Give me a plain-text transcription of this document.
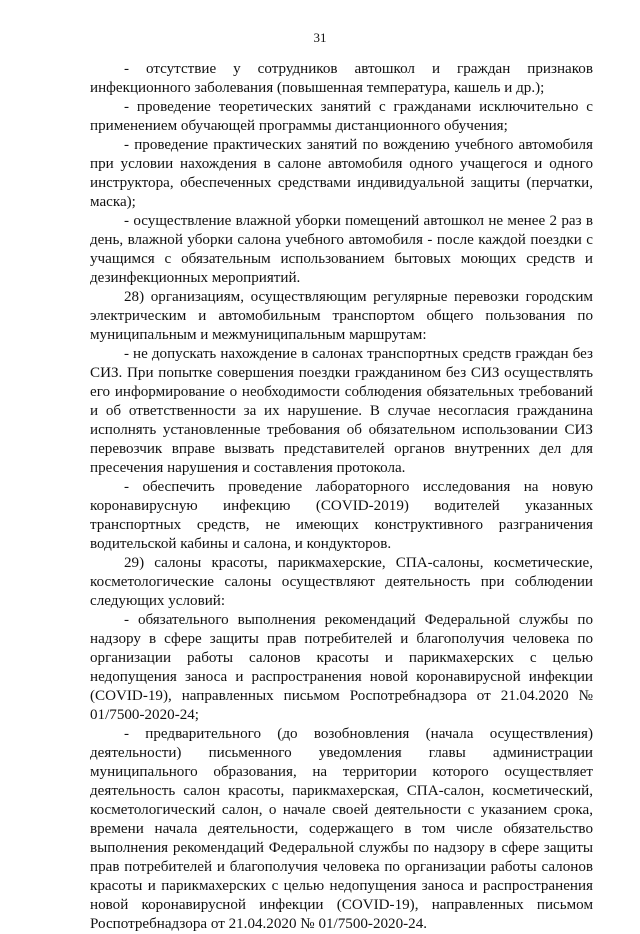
31

- отсутствие у сотрудников автошкол и граждан признаков инфекционного заболевания (повышенная температура, кашель и др.);

- проведение теоретических занятий с гражданами исключительно с применением обучающей программы дистанционного обучения;

- проведение практических занятий по вождению учебного автомобиля при условии нахождения в салоне автомобиля одного учащегося и одного инструктора, обеспеченных средствами индивидуальной защиты (перчатки, маска);

- осуществление влажной уборки помещений автошкол не менее 2 раз в день, влажной уборки салона учебного автомобиля - после каждой поездки с учащимся с обязательным использованием бытовых моющих средств и дезинфекционных мероприятий.

28) организациям, осуществляющим регулярные перевозки городским электрическим и автомобильным транспортом общего пользования по муниципальным и межмуниципальным маршрутам:

- не допускать нахождение в салонах транспортных средств граждан без СИЗ. При попытке совершения поездки гражданином без СИЗ осуществлять его информирование о необходимости соблюдения обязательных требований и об ответственности за их нарушение. В случае несогласия гражданина исполнять установленные требования об обязательном использовании СИЗ перевозчик вправе вызвать представителей органов внутренних дел для пресечения нарушения и составления протокола.

- обеспечить проведение лабораторного исследования на новую коронавирусную инфекцию (COVID-2019) водителей указанных транспортных средств, не имеющих конструктивного разграничения водительской кабины и салона, и кондукторов.

29) салоны красоты, парикмахерские, СПА-салоны, косметические, косметологические салоны осуществляют деятельность при соблюдении следующих условий:

- обязательного выполнения рекомендаций Федеральной службы по надзору в сфере защиты прав потребителей и благополучия человека по организации работы салонов красоты и парикмахерских с целью недопущения заноса и распространения новой коронавирусной инфекции (COVID-19), направленных письмом Роспотребнадзора от 21.04.2020 № 01/7500-2020-24;

- предварительного (до возобновления (начала осуществления) деятельности) письменного уведомления главы администрации муниципального образования, на территории которого осуществляет деятельность салон красоты, парикмахерская, СПА-салон, косметический, косметологический салон, о начале своей деятельности с указанием срока, времени начала деятельности, содержащего в том числе обязательство выполнения рекомендаций Федеральной службы по надзору в сфере защиты прав потребителей и благополучия человека по организации работы салонов красоты и парикмахерских с целью недопущения заноса и распространения новой коронавирусной инфекции (COVID-19), направленных письмом Роспотребнадзора от 21.04.2020 № 01/7500-2020-24.
